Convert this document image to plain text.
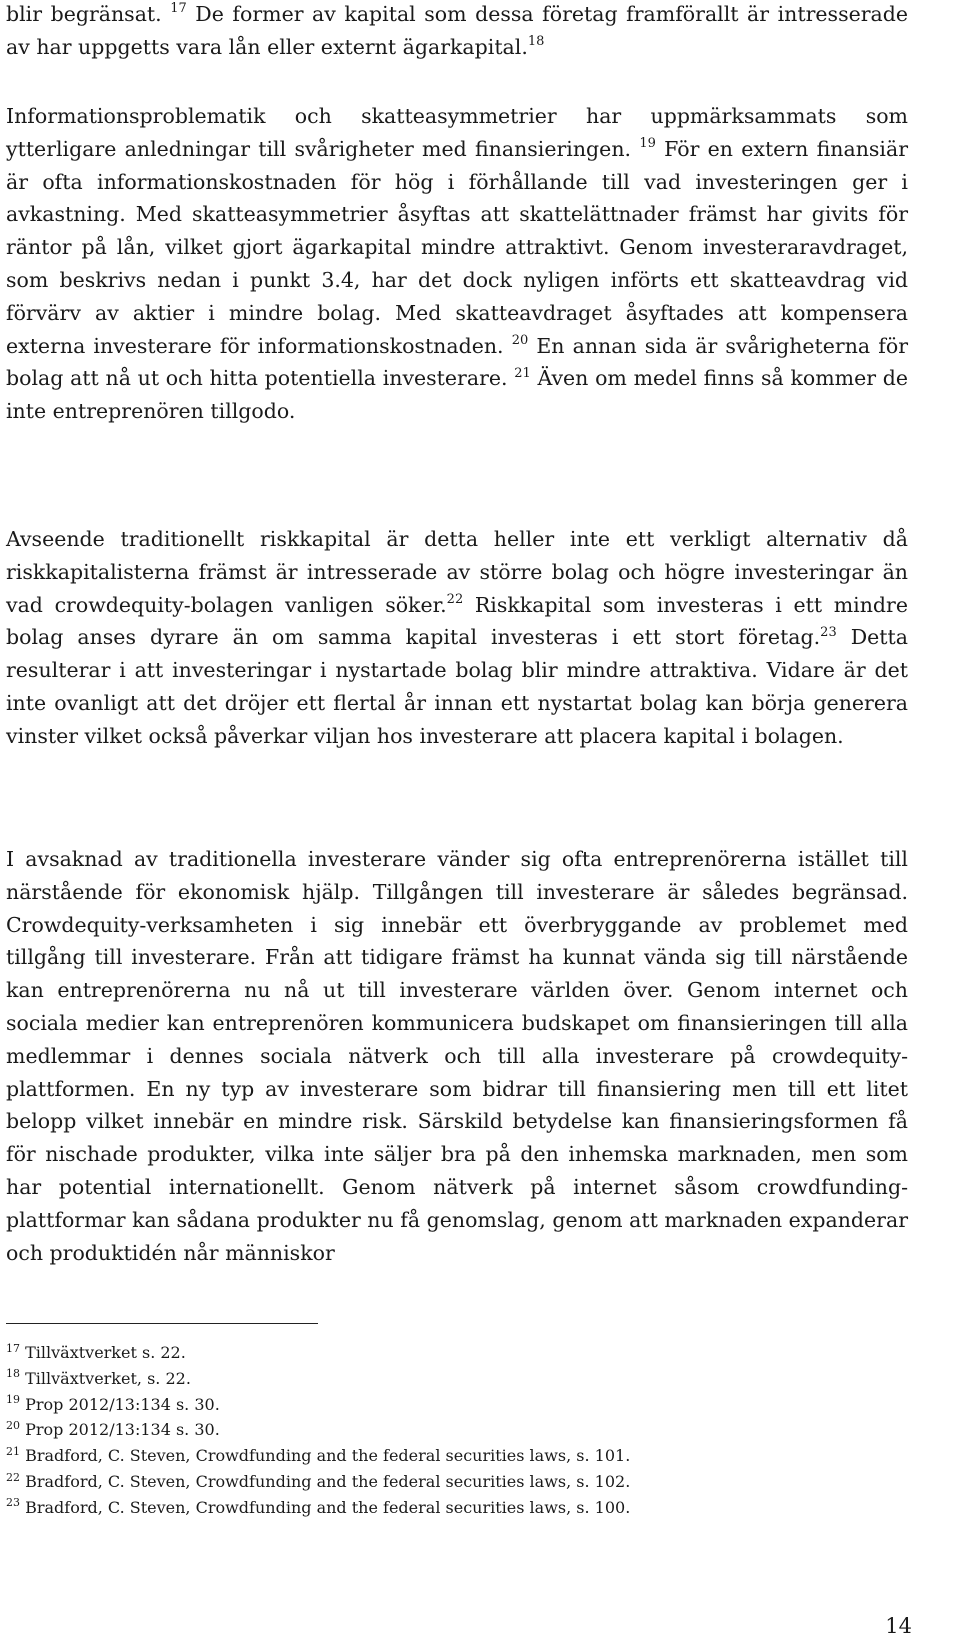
blir begränsat. $^{17}$ De former av kapital som dessa företag framförallt är intresserade av har uppgetts vara lån eller externt ägarkapital.$^{18}$

Informationsproblematik och skatteasymmetrier har uppmärksammats som ytterligare anledningar till svårigheter med finansieringen. $^{19}$ För en extern finansiär är ofta informationskostnaden för hög i förhållande till vad investeringen ger i avkastning. Med skatteasymmetrier åsyftas att skattelättnader främst har givits för räntor på lån, vilket gjort ägarkapital mindre attraktivt. Genom investeraravdraget, som beskrivs nedan i punkt 3.4, har det dock nyligen införts ett skatteavdrag vid förvärv av aktier i mindre bolag. Med skatteavdraget åsyftades att kompensera externa investerare för informationskostnaden. $^{20}$ En annan sida är svårigheterna för bolag att nå ut och hitta potentiella investerare. $^{21}$ Även om medel finns så kommer de inte entreprenören tillgodo.

Avseende traditionellt riskkapital är detta heller inte ett verkligt alternativ då riskkapitalisterna främst är intresserade av större bolag och högre investeringar än vad crowdequity-bolagen vanligen söker.$^{22}$ Riskkapital som investeras i ett mindre bolag anses dyrare än om samma kapital investeras i ett stort företag.$^{23}$ Detta resulterar i att investeringar i nystartade bolag blir mindre attraktiva. Vidare är det inte ovanligt att det dröjer ett flertal år innan ett nystartat bolag kan börja generera vinster vilket också påverkar viljan hos investerare att placera kapital i bolagen.

I avsaknad av traditionella investerare vänder sig ofta entreprenörerna istället till närstående för ekonomisk hjälp. Tillgången till investerare är således begränsad. Crowdequity-verksamheten i sig innebär ett överbryggande av problemet med tillgång till investerare. Från att tidigare främst ha kunnat vända sig till närstående kan entreprenörerna nu nå ut till investerare världen över. Genom internet och sociala medier kan entreprenören kommunicera budskapet om finansieringen till alla medlemmar i dennes sociala nätverk och till alla investerare på crowdequity-plattformen. En ny typ av investerare som bidrar till finansiering men till ett litet belopp vilket innebär en mindre risk. Särskild betydelse kan finansieringsformen få för nischade produkter, vilka inte säljer bra på den inhemska marknaden, men som har potential internationellt. Genom nätverk på internet såsom crowdfunding-plattformar kan sådana produkter nu få genomslag, genom att marknaden expanderar och produktidén når människor

$^{17}$ Tillväxtverket s. 22.
$^{18}$ Tillväxtverket, s. 22.
$^{19}$ Prop 2012/13:134 s. 30.
$^{20}$ Prop 2012/13:134 s. 30.
$^{21}$ Bradford, C. Steven, Crowdfunding and the federal securities laws, s. 101.
$^{22}$ Bradford, C. Steven, Crowdfunding and the federal securities laws, s. 102.
$^{23}$ Bradford, C. Steven, Crowdfunding and the federal securities laws, s. 100.
14
